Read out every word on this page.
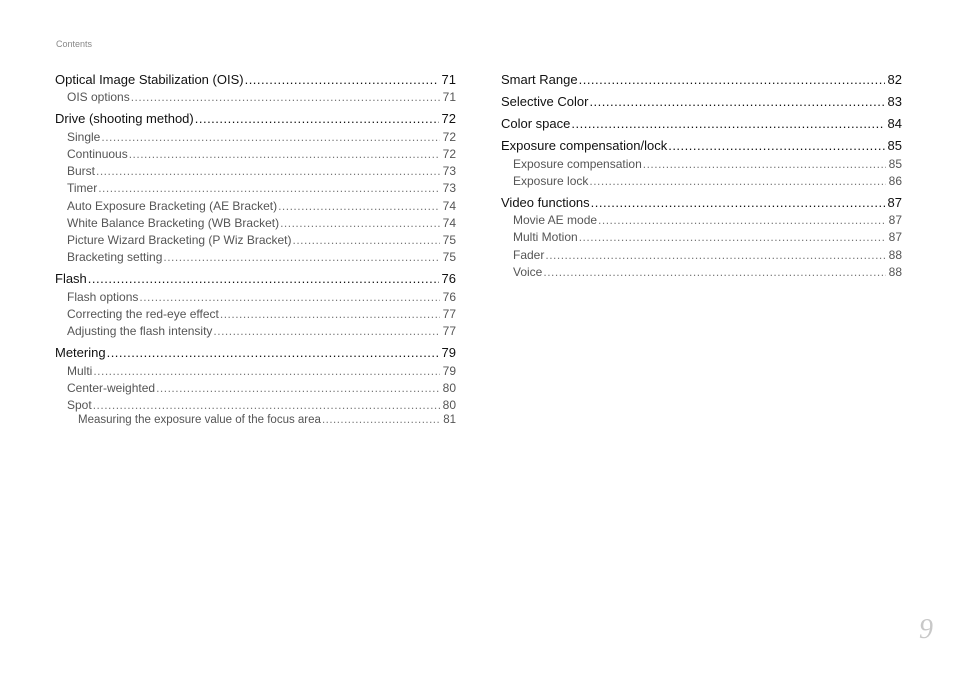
Contents
Optical Image Stabilization (OIS) .....	71
OIS options .....	71
Drive (shooting method) .....	72
Single .....	72
Continuous .....	72
Burst .....	73
Timer .....	73
Auto Exposure Bracketing (AE Bracket) .....	74
White Balance Bracketing (WB Bracket) .....	74
Picture Wizard Bracketing (P Wiz Bracket) .....	75
Bracketing setting .....	75
Flash .....	76
Flash options .....	76
Correcting the red-eye effect .....	77
Adjusting the flash intensity .....	77
Metering .....	79
Multi .....	79
Center-weighted .....	80
Spot .....	80
Measuring the exposure value of the focus area .....	81
Smart Range .....	82
Selective Color .....	83
Color space .....	84
Exposure compensation/lock .....	85
Exposure compensation .....	85
Exposure lock .....	86
Video functions .....	87
Movie AE mode .....	87
Multi Motion .....	87
Fader .....	88
Voice .....	88
9
